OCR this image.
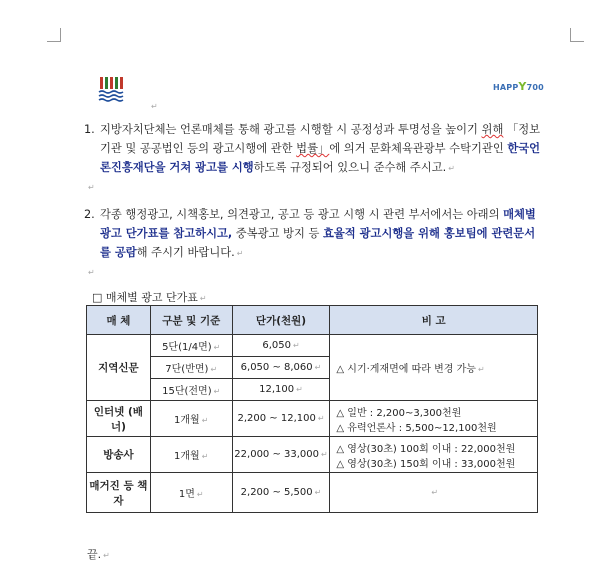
HAPPY700
↵
1. 지방자치단체는 언론매체를 통해 광고를 시행할 시 공정성과 투명성을 높이기 위해 「정보기관 및 공공법인 등의 광고시행에 관한 법률」에 의거 문화체육관광부 수탁기관인 한국언론진흥재단을 거쳐 광고를 시행하도록 규정되어 있으니 준수해 주시고. ↵
↵
2. 각종 행정광고, 시책홍보, 의견광고, 공고 등 광고 시행 시 관련 부서에서는 아래의 매체별 광고 단가표를 참고하시고, 중복광고 방지 등 효율적 광고시행을 위해 홍보팀에 관련문서를 공람해 주시기 바랍니다. ↵
↵
□ 매체별 광고 단가표 ↵
매 체	구분 및 기준	단가(천원)	비 고
지역신문	5단(1/4면) ↵	6,050 ↵	△ 시기·게재면에 따라 변경 가능 ↵
	7단(반면) ↵	6,050 ~ 8,060 ↵	
	15단(전면) ↵	12,100 ↵	
인터넷 (배너)	1개월 ↵	2,200 ~ 12,100 ↵	△ 일반 : 2,200~3,300천원
△ 유력언론사 : 5,500~12,100천원

방송사	1개월 ↵	22,000 ~ 33,000 ↵	△ 영상(30초) 100회 이내 : 22,000천원
△ 영상(30초) 150회 이내 : 33,000천원

매거진 등 책자	1면 ↵	2,200 ~ 5,500 ↵	↵
끝. ↵
